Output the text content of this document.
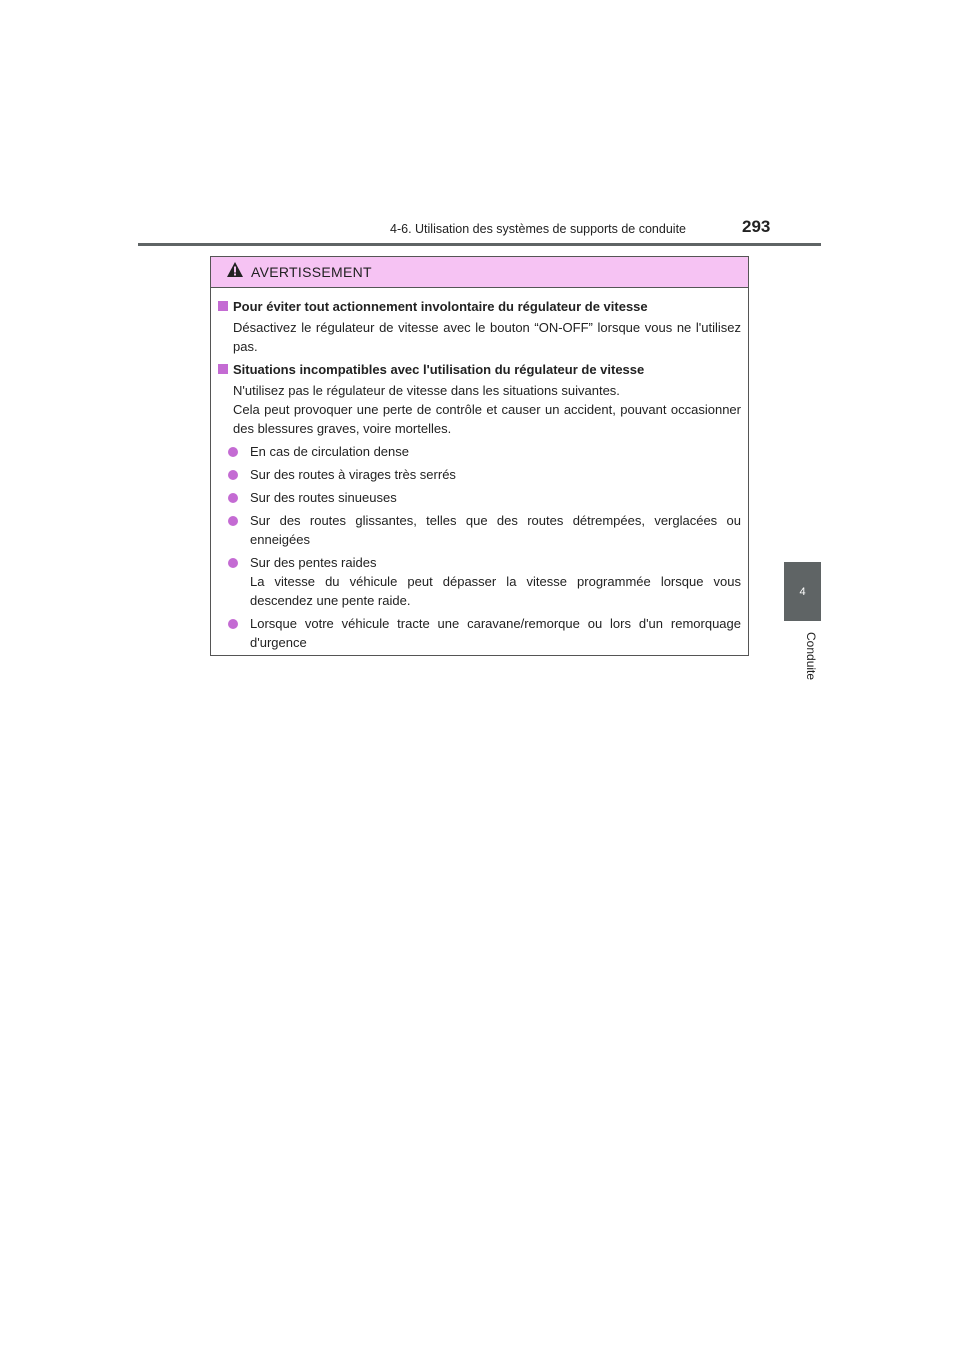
4-6. Utilisation des systèmes de supports de conduite	293
4
Conduite
AVERTISSEMENT
Pour éviter tout actionnement involontaire du régulateur de vitesse
Désactivez le régulateur de vitesse avec le bouton “ON-OFF” lorsque vous ne l'utilisez pas.
Situations incompatibles avec l'utilisation du régulateur de vitesse
N'utilisez pas le régulateur de vitesse dans les situations suivantes.
Cela peut provoquer une perte de contrôle et causer un accident, pouvant occasionner des blessures graves, voire mortelles.
En cas de circulation dense
Sur des routes à virages très serrés
Sur des routes sinueuses
Sur des routes glissantes, telles que des routes détrempées, verglacées ou enneigées
Sur des pentes raides
La vitesse du véhicule peut dépasser la vitesse programmée lorsque vous descendez une pente raide.
Lorsque votre véhicule tracte une caravane/remorque ou lors d'un remorquage d'urgence
